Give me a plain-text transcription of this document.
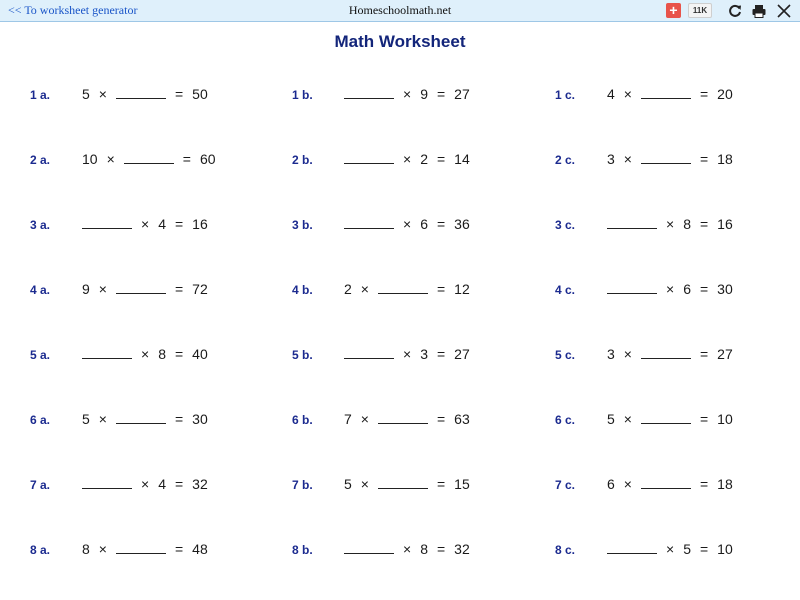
<< To worksheet generator	Homeschoolmath.net	+	11K
Math Worksheet
1 a. 5 ×	= 50	1 b.	× 9 = 27	1 c. 4 ×	= 20
2 a. 10 ×	= 60	2 b.	× 2 = 14	2 c. 3 ×	= 18
3 a.	× 4 = 16	3 b.	× 6 = 36	3 c.	× 8 = 16
4 a. 9 ×	= 72	4 b. 2 ×	= 12	4 c.	× 6 = 30
5 a.	× 8 = 40	5 b.	× 3 = 27	5 c. 3 ×	= 27
6 a. 5 ×	= 30	6 b. 7 ×	= 63	6 c. 5 ×	= 10
7 a.	× 4 = 32	7 b. 5 ×	= 15	7 c. 6 ×	= 18
8 a. 8 ×	= 48	8 b.	× 8 = 32	8 c.	× 5 = 10
